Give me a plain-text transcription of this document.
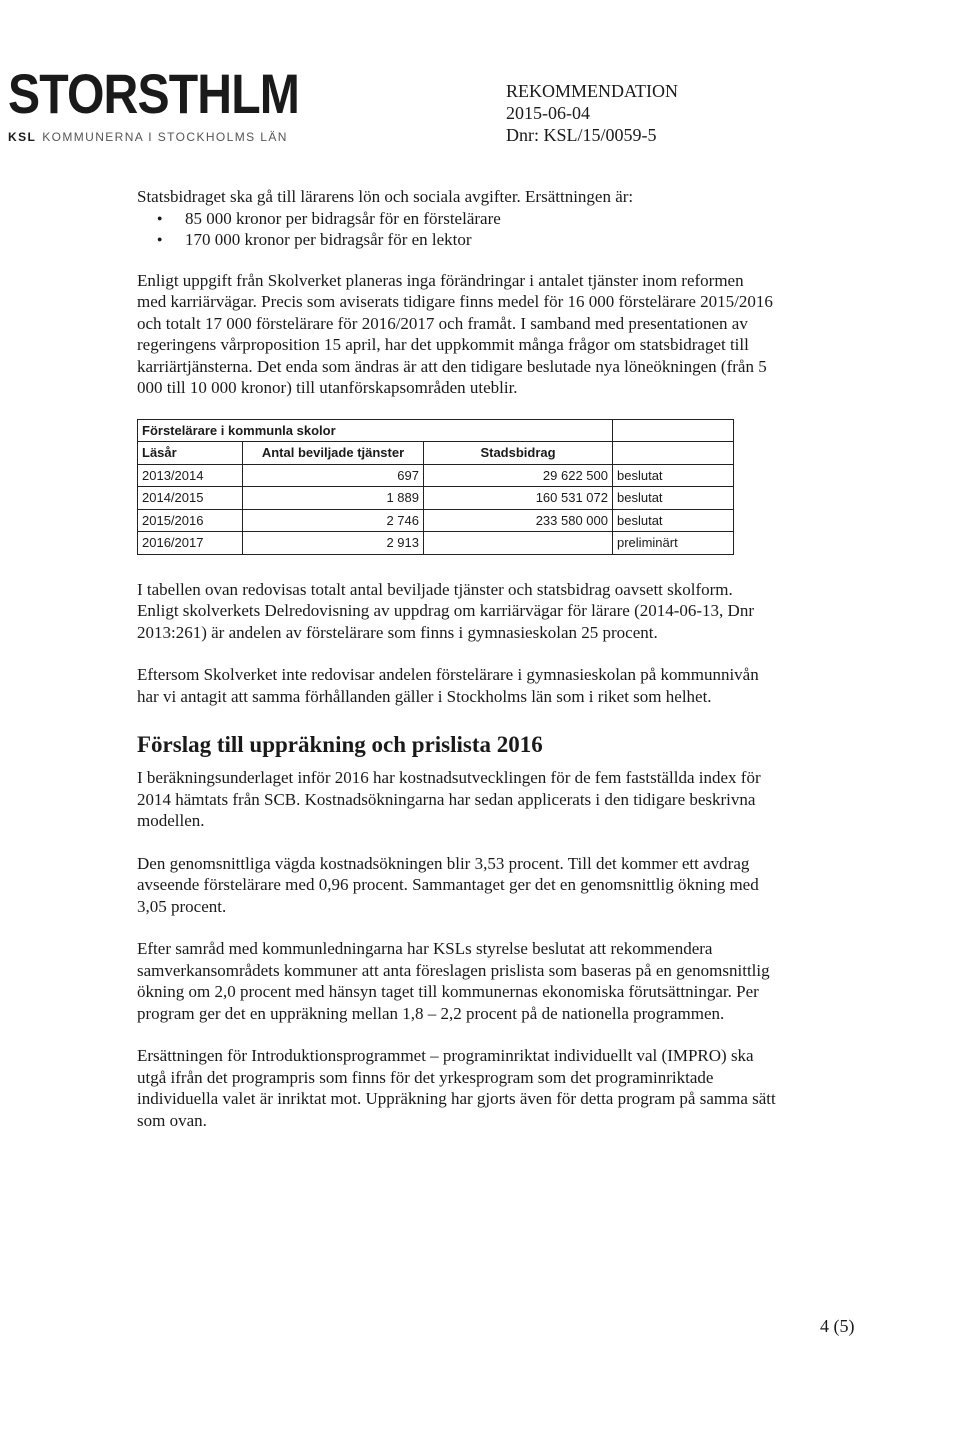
STORSTHLM
KSL KOMMUNERNA I STOCKHOLMS LÄN
REKOMMENDATION
2015-06-04
Dnr: KSL/15/0059-5

Statsbidraget ska gå till lärarens lön och sociala avgifter. Ersättningen är:

● 85 000 kronor per bidragsår för en förstelärare
● 170 000 kronor per bidragsår för en lektor

Enligt uppgift från Skolverket planeras inga förändringar i antalet tjänster inom reformen med karriärvägar. Precis som aviserats tidigare finns medel för 16 000 förstelärare 2015/2016 och totalt 17 000 förstelärare för 2016/2017 och framåt. I samband med presentationen av regeringens vårproposition 15 april, har det uppkommit många frågor om statsbidraget till karriärtjänsterna. Det enda som ändras är att den tidigare beslutade nya löneökningen (från 5 000 till 10 000 kronor) till utanförskapsområden uteblir.

Förstelärare i kommunla skolor			
Läsår	Antal beviljade tjänster	Stadsbidrag	
2013/2014	697	29 622 500	beslutat
2014/2015	1 889	160 531 072	beslutat
2015/2016	2 746	233 580 000	beslutat
2016/2017	2 913		preliminärt

I tabellen ovan redovisas totalt antal beviljade tjänster och statsbidrag oavsett skolform. Enligt skolverkets Delredovisning av uppdrag om karriärvägar för lärare (2014-06-13, Dnr 2013:261) är andelen av förstelärare som finns i gymnasieskolan 25 procent.

Eftersom Skolverket inte redovisar andelen förstelärare i gymnasieskolan på kommunnivån har vi antagit att samma förhållanden gäller i Stockholms län som i riket som helhet.

Förslag till uppräkning och prislista 2016

I beräkningsunderlaget inför 2016 har kostnadsutvecklingen för de fem fastställda index för 2014 hämtats från SCB. Kostnadsökningarna har sedan applicerats i den tidigare beskrivna modellen.

Den genomsnittliga vägda kostnadsökningen blir 3,53 procent. Till det kommer ett avdrag avseende förstelärare med 0,96 procent. Sammantaget ger det en genomsnittlig ökning med 3,05 procent.

Efter samråd med kommunledningarna har KSLs styrelse beslutat att rekommendera samverkansområdets kommuner att anta föreslagen prislista som baseras på en genomsnittlig ökning om 2,0 procent med hänsyn taget till kommunernas ekonomiska förutsättningar. Per program ger det en uppräkning mellan 1,8 – 2,2 procent på de nationella programmen.

Ersättningen för Introduktionsprogrammet – programinriktat individuellt val (IMPRO) ska utgå ifrån det programpris som finns för det yrkesprogram som det programinriktade individuella valet är inriktat mot. Uppräkning har gjorts även för detta program på samma sätt som ovan.

4 (5)
